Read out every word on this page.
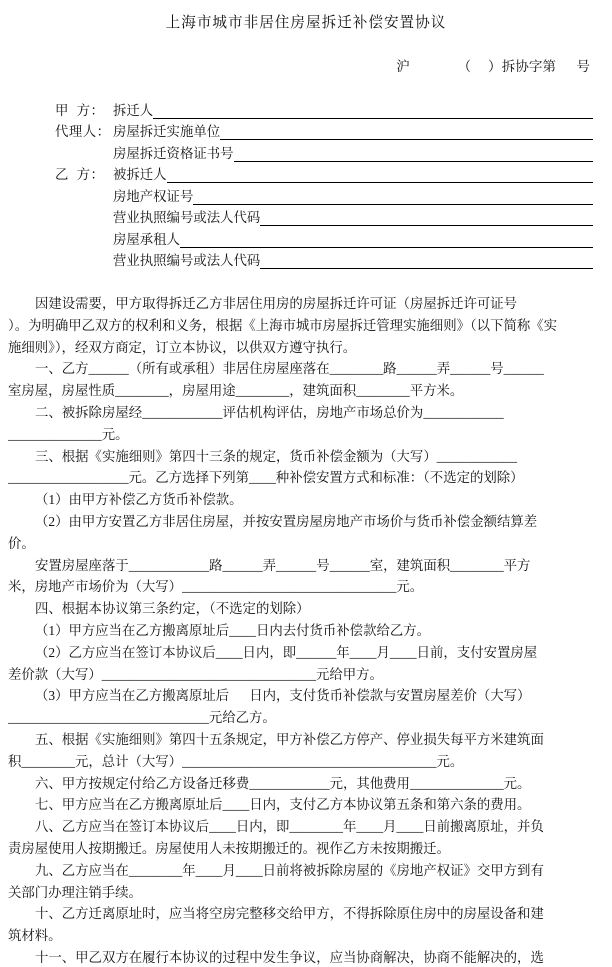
上海市城市非居住房屋拆迁补偿安置协议
沪              （     ）拆协字第      号
甲  方： 拆迁人
代理人： 房屋拆迁实施单位
房屋拆迁资格证书号
乙  方： 被拆迁人
房地产权证号
营业执照编号或法人代码
房屋承租人
营业执照编号或法人代码
因建设需要，甲方取得拆迁乙方非居住用房的房屋拆迁许可证（房屋拆迁许可证号
）。为明确甲乙双方的权利和义务，根据《上海市城市房屋拆迁管理实施细则》（以下简称《实
施细则》），经双方商定，订立本协议，以供双方遵守执行。
一、乙方______（所有或承租）非居住房屋座落在________路______弄______号______
室房屋，房屋性质________，房屋用途________，建筑面积________平方米。
二、被拆除房屋经____________评估机构评估，房地产市场总价为____________
______________元。
三、根据《实施细则》第四十三条的规定，货币补偿金额为（大写）____________
__________________元。乙方选择下列第____种补偿安置方式和标准：（不选定的划除）
（1）由甲方补偿乙方货币补偿款。
（2）由甲方安置乙方非居住房屋，并按安置房屋房地产市场价与货币补偿金额结算差
价。
安置房屋座落于____________路______弄______号______室，建筑面积________平方
米，房地产市场价为（大写）________________________________元。
四、根据本协议第三条约定，（不选定的划除）
（1）甲方应当在乙方搬离原址后____日内去付货币补偿款给乙方。
（2）乙方应当在签订本协议后____日内，即______年____月____日前，支付安置房屋
差价款（大写）________________________________元给甲方。
（3）甲方应当在乙方搬离原址后      日内，支付货币补偿款与安置房屋差价（大写）
______________________________元给乙方。
五、根据《实施细则》第四十五条规定，甲方补偿乙方停产、停业损失每平方米建筑面
积________元，总计（大写）______________________________________元。
六、甲方按规定付给乙方设备迁移费____________元，其他费用______________元。
七、甲方应当在乙方搬离原址后____日内，支付乙方本协议第五条和第六条的费用。
八、乙方应当在签订本协议后____日内，即________年____月____日前搬离原址，并负
责房屋使用人按期搬迁。房屋使用人未按期搬迁的。视作乙方未按期搬迁。
九、乙方应当在________年____月____日前将被拆除房屋的《房地产权证》交甲方到有
关部门办理注销手续。
十、乙方迁离原址时，应当将空房完整移交给甲方，不得拆除原住房中的房屋设备和建
筑材料。
十一、甲乙双方在履行本协议的过程中发生争议，应当协商解决，协商不能解决的，选
